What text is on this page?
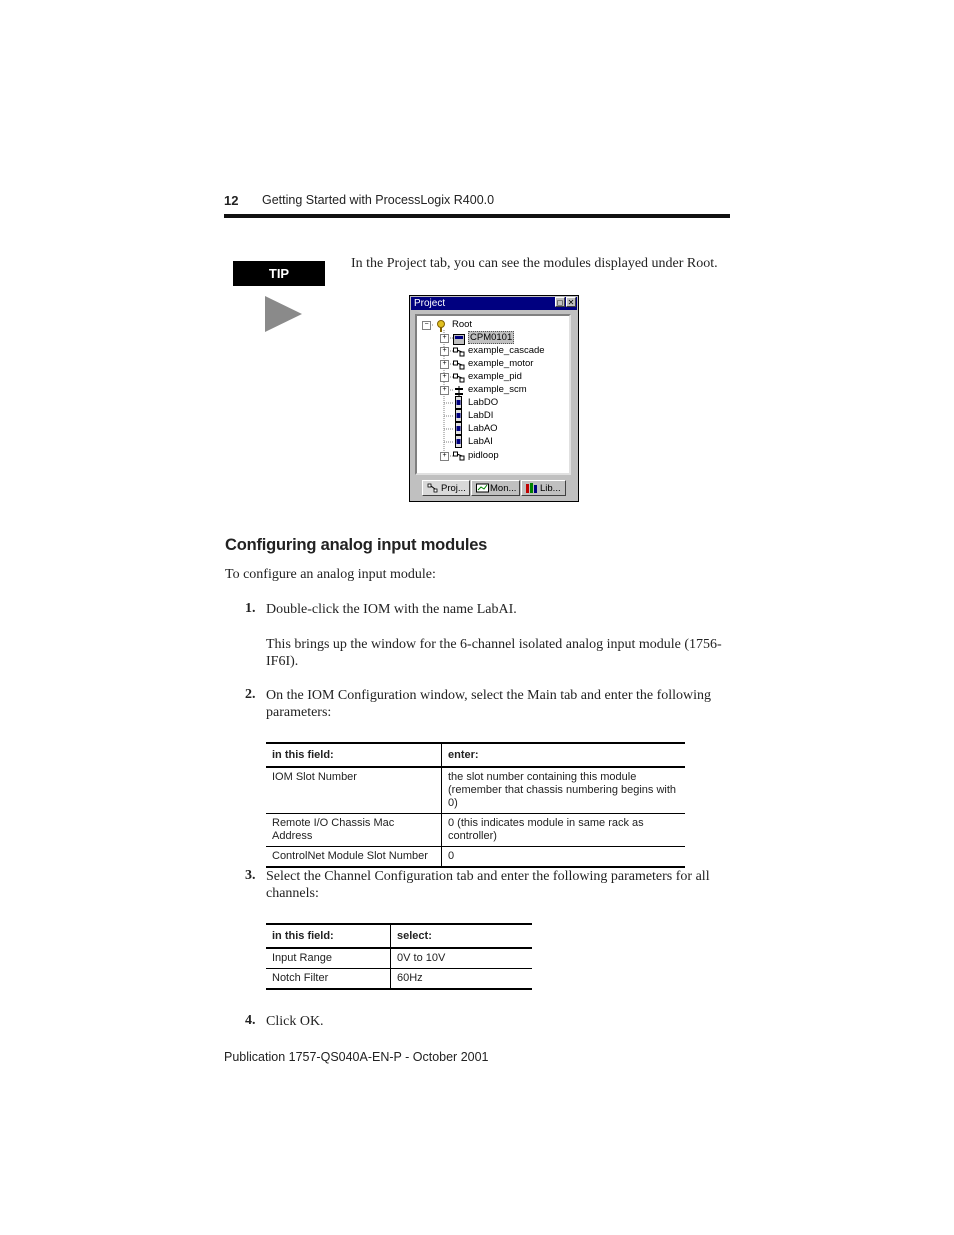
12 Getting Started with ProcessLogix R400.0
TIP
In the Project tab, you can see the modules displayed under Root.
Project	◻ ✕
− Root
+ CPM0101
+ example_cascade
+ example_motor
+ example_pid
+ example_scm
LabDO
LabDI
LabAO
LabAI
+ pidloop
Proj...	Mon...	Lib...
Configuring analog input modules
To configure an analog input module:
1. Double-click the IOM with the name LabAI.
This brings up the window for the 6-channel isolated analog input module (1756-IF6I).
2. On the IOM Configuration window, select the Main tab and enter the following parameters:
in this field:	enter:
IOM Slot Number	the slot number containing this module (remember that chassis numbering begins with 0)
Remote I/O Chassis Mac Address	0 (this indicates module in same rack as controller)
ControlNet Module Slot Number	0
3. Select the Channel Configuration tab and enter the following parameters for all channels:
in this field:	select:
Input Range	0V to 10V
Notch Filter	60Hz
4. Click OK.
Publication 1757-QS040A-EN-P - October 2001
